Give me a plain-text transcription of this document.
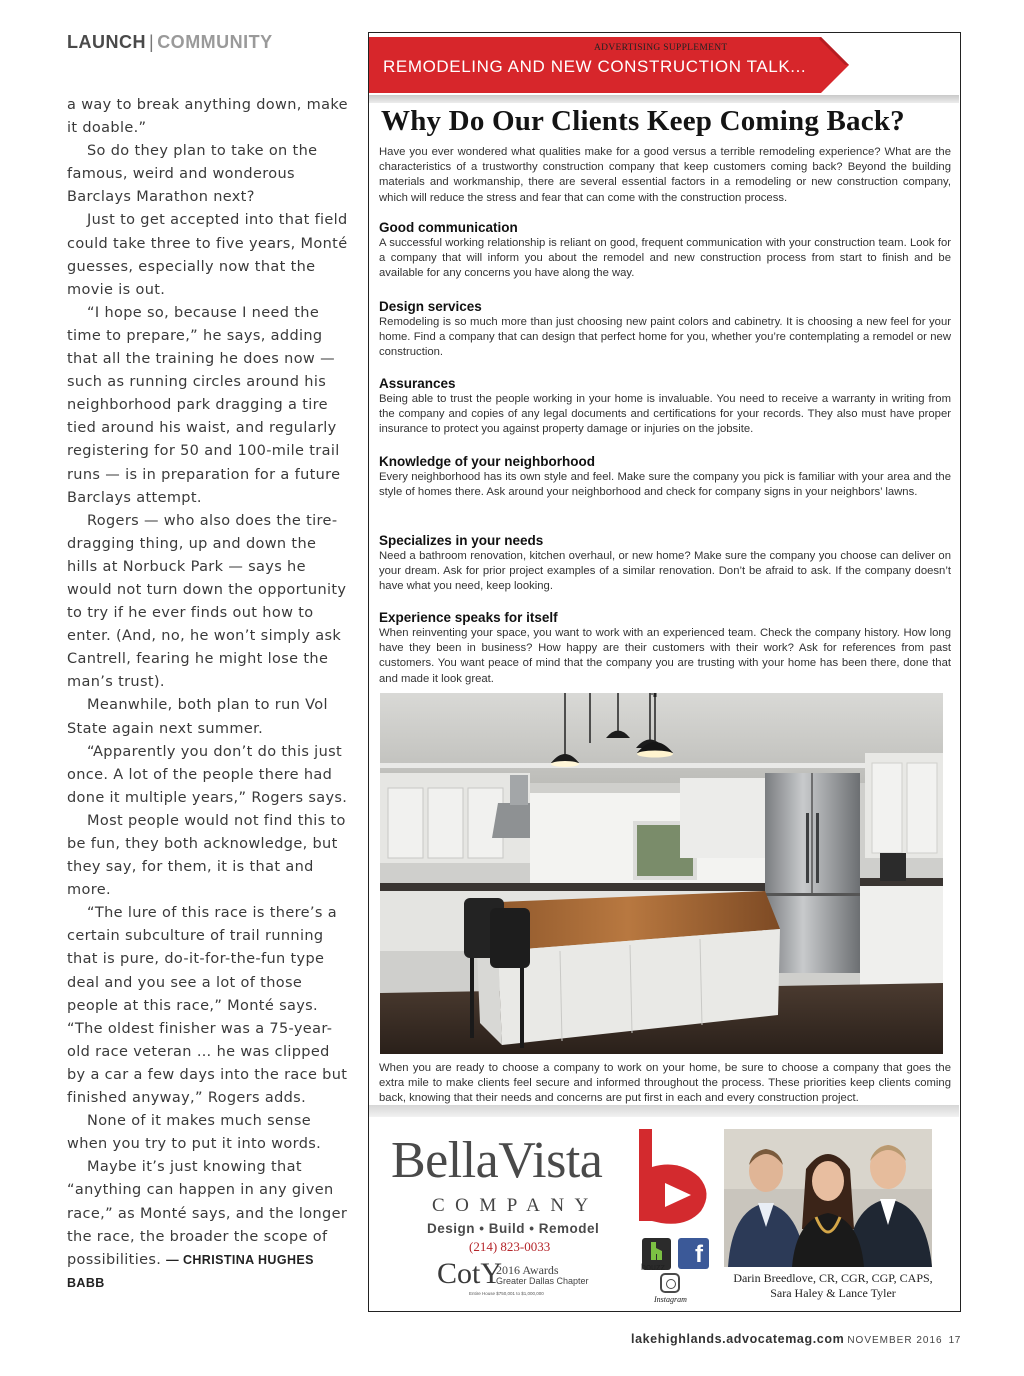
LAUNCH | COMMUNITY

a way to break anything down, make it doable.”

So do they plan to take on the famous, weird and wonderous Barclays Marathon next?

Just to get accepted into that field could take three to five years, Monté guesses, especially now that the movie is out.

“I hope so, because I need the time to prepare,” he says, adding that all the training he does now — such as running circles around his neighborhood park dragging a tire tied around his waist, and regularly registering for 50 and 100-mile trail runs — is in preparation for a future Barclays attempt.

Rogers — who also does the tire-dragging thing, up and down the hills at Norbuck Park — says he would not turn down the opportunity to try if he ever finds out how to enter. (And, no, he won’t simply ask Cantrell, fearing he might lose the man’s trust).

Meanwhile, both plan to run Vol State again next summer.

“Apparently you don’t do this just once. A lot of the people there had done it multiple years,” Rogers says.

Most people would not find this to be fun, they both acknowledge, but they say, for them, it is that and more.

“The lure of this race is there’s a certain subculture of trail running that is pure, do-it-for-the-fun type deal and you see a lot of those people at this race,” Monté says. “The oldest finisher was a 75-year-old race veteran … he was clipped by a car a few days into the race but finished anyway,” Rogers adds.

None of it makes much sense when you try to put it into words.

Maybe it’s just knowing that “anything can happen in any given race,” as Monté says, and the longer the race, the broader the scope of possibilities. — CHRISTINA HUGHES BABB

ADVERTISING SUPPLEMENT
REMODELING AND NEW CONSTRUCTION TALK...
Why Do Our Clients Keep Coming Back?
Have you ever wondered what qualities make for a good versus a terrible remodeling experience? What are the characteristics of a trustworthy construction company that keep customers coming back? Beyond the building materials and workmanship, there are several essential factors in a remodeling or new construction company, which will reduce the stress and fear that can come with the construction process.
Good communication
A successful working relationship is reliant on good, frequent communication with your construction team. Look for a company that will inform you about the remodel and new construction process from start to finish and be available for any concerns you have along the way.
Design services
Remodeling is so much more than just choosing new paint colors and cabinetry. It is choosing a new feel for your home. Find a company that can design that perfect home for you, whether you’re contemplating a remodel or new construction.
Assurances
Being able to trust the people working in your home is invaluable. You need to receive a warranty in writing from the company and copies of any legal documents and certifications for your records. They also must have proper insurance to protect you against property damage or injuries on the jobsite.
Knowledge of your neighborhood
Every neighborhood has its own style and feel. Make sure the company you pick is familiar with your area and the style of homes there. Ask around your neighborhood and check for company signs in your neighbors’ lawns.
Specializes in your needs
Need a bathroom renovation, kitchen overhaul, or new home? Make sure the company you choose can deliver on your dream. Ask for prior project examples of a similar renovation. Don’t be afraid to ask. If the company doesn’t have what you need, keep looking.
Experience speaks for itself
When reinventing your space, you want to work with an experienced team. Check the company history. How long have they been in business? How happy are their customers with their work? Ask for references from past customers. You want peace of mind that the company you are trusting with your home has been there, done that and made it look great.
When you are ready to choose a company to work on your home, be sure to choose a company that goes the extra mile to make clients feel secure and informed throughout the process. These priorities keep clients coming back, knowing that their needs and concerns are put first in each and every construction project.
BellaVista
COMPANY
Design • Build • Remodel
(214) 823-0033
CotY
2016 Awards
Greater Dallas Chapter
Entire House $750,001 to $1,000,000
houzz	f
Instagram
Darin Breedlove, CR, CGR, CGP, CAPS,
Sara Haley & Lance Tyler
lakehighlands.advocatemag.com NOVEMBER 2016 17
